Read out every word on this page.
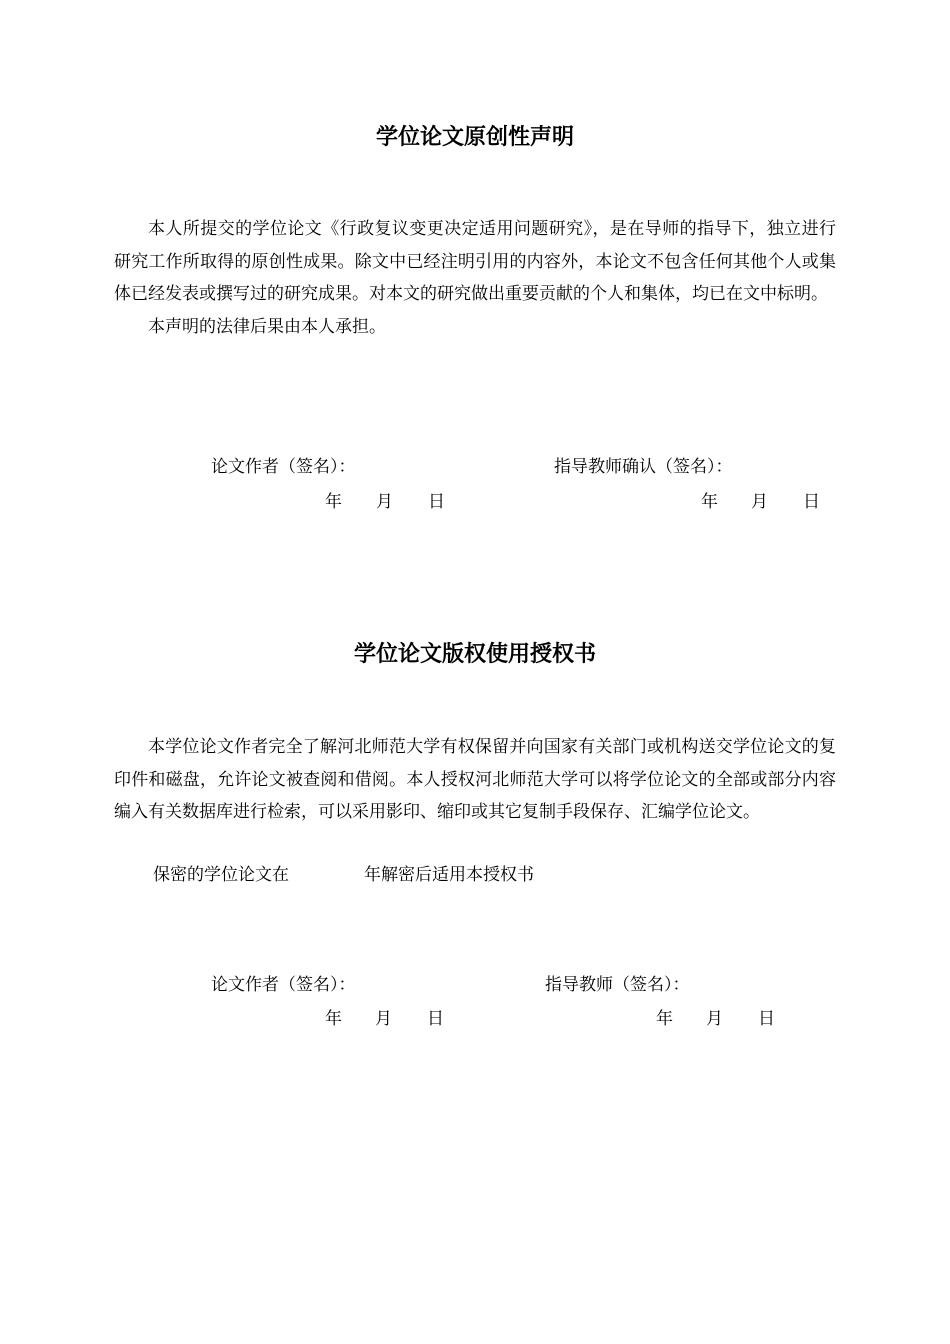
学位论文原创性声明

本人所提交的学位论文《行政复议变更决定适用问题研究》，是在导师的指导下，独立进行研究工作所取得的原创性成果。除文中已经注明引用的内容外，本论文不包含任何其他个人或集体已经发表或撰写过的研究成果。对本文的研究做出重要贡献的个人和集体，均已在文中标明。

本声明的法律后果由本人承担。

论文作者（签名）：	指导教师确认（签名）：
年 月 日	年 月 日
学位论文版权使用授权书

本学位论文作者完全了解河北师范大学有权保留并向国家有关部门或机构送交学位论文的复印件和磁盘，允许论文被查阅和借阅。本人授权河北师范大学可以将学位论文的全部或部分内容编入有关数据库进行检索，可以采用影印、缩印或其它复制手段保存、汇编学位论文。

保密的学位论文在	年解密后适用本授权书
论文作者（签名）：	指导教师（签名）：
年 月 日	年 月 日
